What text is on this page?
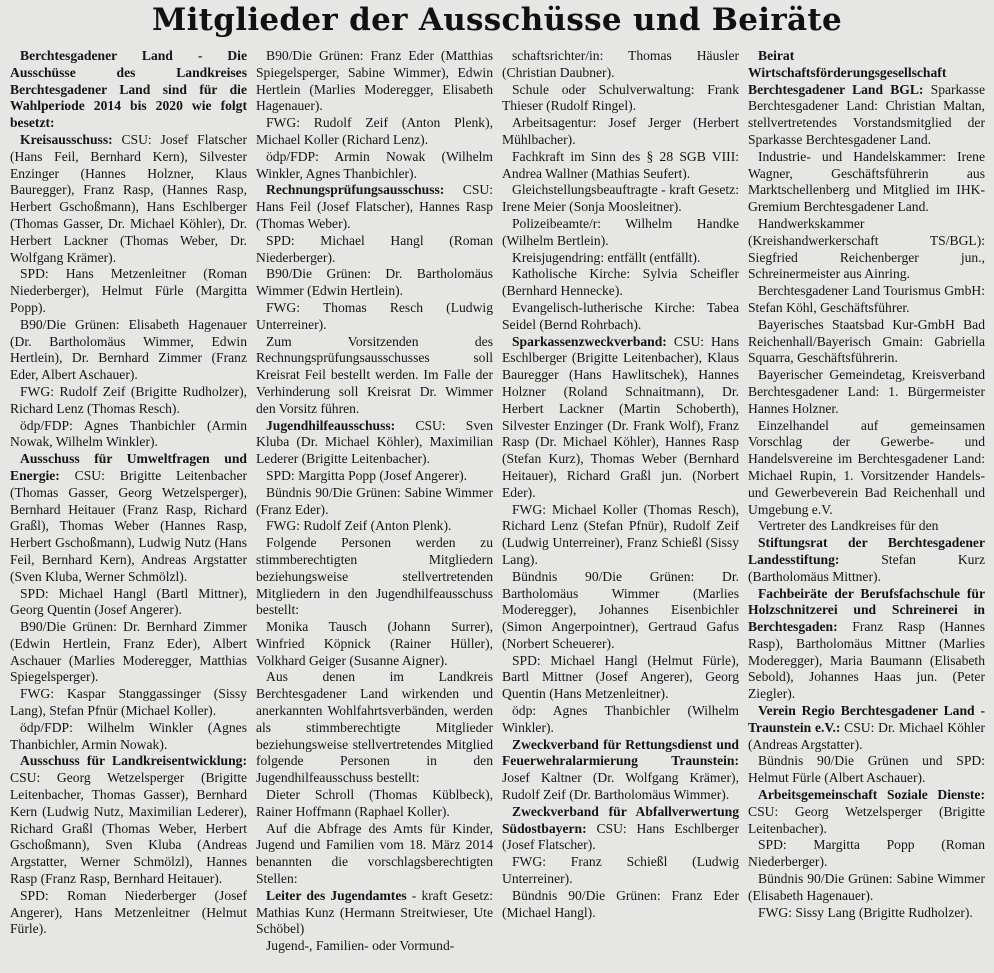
Mitglieder der Ausschüsse und Beiräte

Berchtesgadener Land - Die Ausschüsse des Landkreises Berchtesgadener Land sind für die Wahlperiode 2014 bis 2020 wie folgt besetzt:

Kreisausschuss: CSU: Josef Flatscher (Hans Feil, Bernhard Kern), Silvester Enzinger (Hannes Holzner, Klaus Bauregger), Franz Rasp, (Hannes Rasp, Herbert Gschoßmann), Hans Eschlberger (Thomas Gasser, Dr. Michael Köhler), Dr. Herbert Lackner (Thomas Weber, Dr. Wolfgang Krämer).

SPD: Hans Metzenleitner (Roman Niederberger), Helmut Fürle (Margitta Popp).

B90/Die Grünen: Elisabeth Hagenauer (Dr. Bartholomäus Wimmer, Edwin Hertlein), Dr. Bernhard Zimmer (Franz Eder, Albert Aschauer).

FWG: Rudolf Zeif (Brigitte Rudholzer), Richard Lenz (Thomas Resch).

ödp/FDP: Agnes Thanbichler (Armin Nowak, Wilhelm Winkler).

Ausschuss für Umweltfragen und Energie: CSU: Brigitte Leitenbacher (Thomas Gasser, Georg Wetzelsperger), Bernhard Heitauer (Franz Rasp, Richard Graßl), Thomas Weber (Hannes Rasp, Herbert Gschoßmann), Ludwig Nutz (Hans Feil, Bernhard Kern), Andreas Argstatter (Sven Kluba, Werner Schmölzl).

SPD: Michael Hangl (Bartl Mittner), Georg Quentin (Josef Angerer).

B90/Die Grünen: Dr. Bernhard Zimmer (Edwin Hertlein, Franz Eder), Albert Aschauer (Marlies Moderegger, Matthias Spiegelsperger).

FWG: Kaspar Stanggassinger (Sissy Lang), Stefan Pfnür (Michael Koller).

ödp/FDP: Wilhelm Winkler (Agnes Thanbichler, Armin Nowak).

Ausschuss für Landkreisentwicklung: CSU: Georg Wetzelsperger (Brigitte Leitenbacher, Thomas Gasser), Bernhard Kern (Ludwig Nutz, Maximilian Lederer), Richard Graßl (Thomas Weber, Herbert Gschoßmann), Sven Kluba (Andreas Argstatter, Werner Schmölzl), Hannes Rasp (Franz Rasp, Bernhard Heitauer).

SPD: Roman Niederberger (Josef Angerer), Hans Metzenleitner (Helmut Fürle).

B90/Die Grünen: Franz Eder (Matthias Spiegelsperger, Sabine Wimmer), Edwin Hertlein (Marlies Moderegger, Elisabeth Hagenauer).

FWG: Rudolf Zeif (Anton Plenk), Michael Koller (Richard Lenz).

ödp/FDP: Armin Nowak (Wilhelm Winkler, Agnes Thanbichler).

Rechnungsprüfungsausschuss: CSU: Hans Feil (Josef Flatscher), Hannes Rasp (Thomas Weber).

SPD: Michael Hangl (Roman Niederberger).

B90/Die Grünen: Dr. Bartholomäus Wimmer (Edwin Hertlein).

FWG: Thomas Resch (Ludwig Unterreiner).

Zum Vorsitzenden des Rechnungsprüfungsausschusses soll Kreisrat Feil bestellt werden. Im Falle der Verhinderung soll Kreisrat Dr. Wimmer den Vorsitz führen.

Jugendhilfeausschuss: CSU: Sven Kluba (Dr. Michael Köhler), Maximilian Lederer (Brigitte Leitenbacher).

SPD: Margitta Popp (Josef Angerer).

Bündnis 90/Die Grünen: Sabine Wimmer (Franz Eder).

FWG: Rudolf Zeif (Anton Plenk).

Folgende Personen werden zu stimmberechtigten Mitgliedern beziehungsweise stellvertretenden Mitgliedern in den Jugendhilfeausschuss bestellt:

Monika Tausch (Johann Surrer), Winfried Köpnick (Rainer Hüller), Volkhard Geiger (Susanne Aigner).

Aus denen im Landkreis Berchtesgadener Land wirkenden und anerkannten Wohlfahrtsverbänden, werden als stimmberechtigte Mitglieder beziehungsweise stellvertretendes Mitglied folgende Personen in den Jugendhilfeausschuss bestellt:

Dieter Schroll (Thomas Küblbeck), Rainer Hoffmann (Raphael Koller).

Auf die Abfrage des Amts für Kinder, Jugend und Familien vom 18. März 2014 benannten die vorschlagsberechtigten Stellen:

Leiter des Jugendamtes - kraft Gesetz: Mathias Kunz (Hermann Streitwieser, Ute Schöbel)

Jugend-, Familien- oder Vormund-

schaftsrichter/in: Thomas Häusler (Christian Daubner).

Schule oder Schulverwaltung: Frank Thieser (Rudolf Ringel).

Arbeitsagentur: Josef Jerger (Herbert Mühlbacher).

Fachkraft im Sinn des § 28 SGB VIII: Andrea Wallner (Mathias Seufert).

Gleichstellungsbeauftragte - kraft Gesetz: Irene Meier (Sonja Moosleitner).

Polizeibeamte/r: Wilhelm Handke (Wilhelm Bertlein).

Kreisjugendring: entfällt (entfällt).

Katholische Kirche: Sylvia Scheifler (Bernhard Hennecke).

Evangelisch-lutherische Kirche: Tabea Seidel (Bernd Rohrbach).

Sparkassenzweckverband: CSU: Hans Eschlberger (Brigitte Leitenbacher), Klaus Bauregger (Hans Hawlitschek), Hannes Holzner (Roland Schnaitmann), Dr. Herbert Lackner (Martin Schoberth), Silvester Enzinger (Dr. Frank Wolf), Franz Rasp (Dr. Michael Köhler), Hannes Rasp (Stefan Kurz), Thomas Weber (Bernhard Heitauer), Richard Graßl jun. (Norbert Eder).

FWG: Michael Koller (Thomas Resch), Richard Lenz (Stefan Pfnür), Rudolf Zeif (Ludwig Unterreiner), Franz Schießl (Sissy Lang).

Bündnis 90/Die Grünen: Dr. Bartholomäus Wimmer (Marlies Moderegger), Johannes Eisenbichler (Simon Angerpointner), Gertraud Gafus (Norbert Scheuerer).

SPD: Michael Hangl (Helmut Fürle), Bartl Mittner (Josef Angerer), Georg Quentin (Hans Metzenleitner).

ödp: Agnes Thanbichler (Wilhelm Winkler).

Zweckverband für Rettungsdienst und Feuerwehralarmierung Traunstein: Josef Kaltner (Dr. Wolfgang Krämer), Rudolf Zeif (Dr. Bartholomäus Wimmer).

Zweckverband für Abfallverwertung Südostbayern: CSU: Hans Eschlberger (Josef Flatscher).

FWG: Franz Schießl (Ludwig Unterreiner).

Bündnis 90/Die Grünen: Franz Eder (Michael Hangl).

Beirat Wirtschaftsförderungsgesellschaft Berchtesgadener Land BGL: Sparkasse Berchtesgadener Land: Christian Maltan, stellvertretendes Vorstandsmitglied der Sparkasse Berchtesgadener Land.

Industrie- und Handelskammer: Irene Wagner, Geschäftsführerin aus Marktschellenberg und Mitglied im IHK-Gremium Berchtesgadener Land.

Handwerkskammer (Kreishandwerkerschaft TS/BGL): Siegfried Reichenberger jun., Schreinermeister aus Ainring.

Berchtesgadener Land Tourismus GmbH: Stefan Köhl, Geschäftsführer.

Bayerisches Staatsbad Kur-GmbH Bad Reichenhall/Bayerisch Gmain: Gabriella Squarra, Geschäftsführerin.

Bayerischer Gemeindetag, Kreisverband Berchtesgadener Land: 1. Bürgermeister Hannes Holzner.

Einzelhandel auf gemeinsamen Vorschlag der Gewerbe- und Handelsvereine im Berchtesgadener Land: Michael Rupin, 1. Vorsitzender Handels- und Gewerbeverein Bad Reichenhall und Umgebung e.V.

Vertreter des Landkreises für den

Stiftungsrat der Berchtesgadener Landesstiftung: Stefan Kurz (Bartholomäus Mittner).

Fachbeiräte der Berufsfachschule für Holzschnitzerei und Schreinerei in Berchtesgaden: Franz Rasp (Hannes Rasp), Bartholomäus Mittner (Marlies Moderegger), Maria Baumann (Elisabeth Sebold), Johannes Haas jun. (Peter Ziegler).

Verein Regio Berchtesgadener Land - Traunstein e.V.: CSU: Dr. Michael Köhler (Andreas Argstatter).

Bündnis 90/Die Grünen und SPD: Helmut Fürle (Albert Aschauer).

Arbeitsgemeinschaft Soziale Dienste: CSU: Georg Wetzelsperger (Brigitte Leitenbacher).

SPD: Margitta Popp (Roman Niederberger).

Bündnis 90/Die Grünen: Sabine Wimmer (Elisabeth Hagenauer).

FWG: Sissy Lang (Brigitte Rudholzer).
